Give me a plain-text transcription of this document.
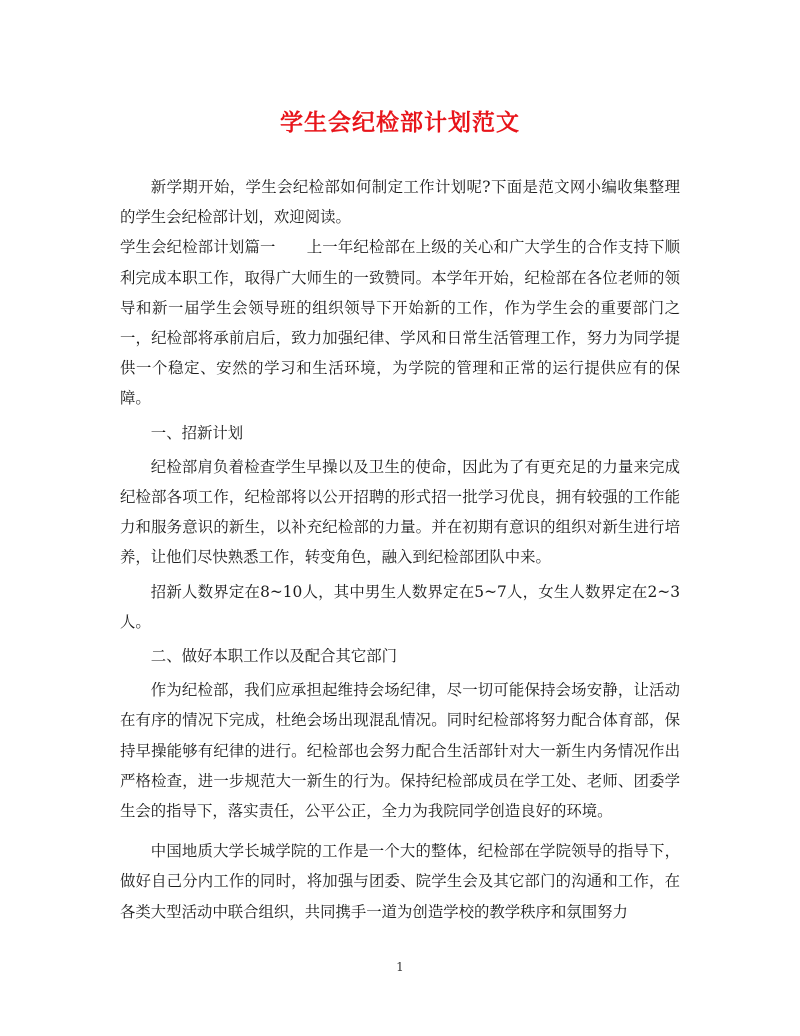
学生会纪检部计划范文

新学期开始，学生会纪检部如何制定工作计划呢?下面是范文网小编收集整理的学生会纪检部计划，欢迎阅读。

学生会纪检部计划篇一　　上一年纪检部在上级的关心和广大学生的合作支持下顺利完成本职工作，取得广大师生的一致赞同。本学年开始，纪检部在各位老师的领导和新一届学生会领导班的组织领导下开始新的工作，作为学生会的重要部门之一，纪检部将承前启后，致力加强纪律、学风和日常生活管理工作，努力为同学提供一个稳定、安然的学习和生活环境，为学院的管理和正常的运行提供应有的保障。

一、招新计划

纪检部肩负着检查学生早操以及卫生的使命，因此为了有更充足的力量来完成纪检部各项工作，纪检部将以公开招聘的形式招一批学习优良，拥有较强的工作能力和服务意识的新生，以补充纪检部的力量。并在初期有意识的组织对新生进行培养，让他们尽快熟悉工作，转变角色，融入到纪检部团队中来。

招新人数界定在8~10人，其中男生人数界定在5~7人，女生人数界定在2~3人。

二、做好本职工作以及配合其它部门

作为纪检部，我们应承担起维持会场纪律，尽一切可能保持会场安静，让活动在有序的情况下完成，杜绝会场出现混乱情况。同时纪检部将努力配合体育部，保持早操能够有纪律的进行。纪检部也会努力配合生活部针对大一新生内务情况作出严格检查，进一步规范大一新生的行为。保持纪检部成员在学工处、老师、团委学生会的指导下，落实责任，公平公正，全力为我院同学创造良好的环境。

中国地质大学长城学院的工作是一个大的整体，纪检部在学院领导的指导下，做好自己分内工作的同时，将加强与团委、院学生会及其它部门的沟通和工作，在各类大型活动中联合组织，共同携手一道为创造学校的教学秩序和氛围努力

1
